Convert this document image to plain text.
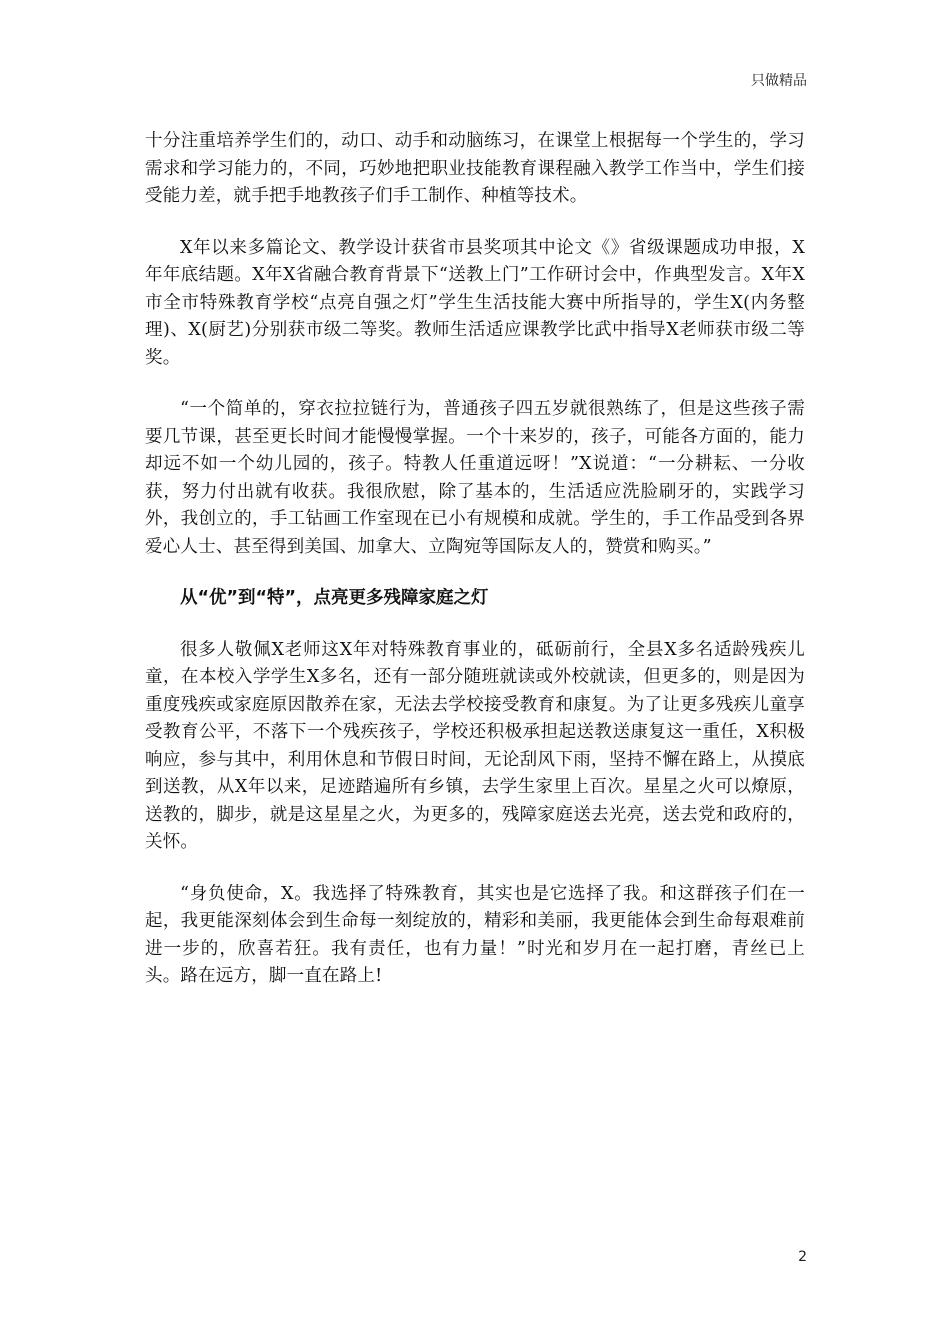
只做精品

十分注重培养学生们的，动口、动手和动脑练习，在课堂上根据每一个学生的，学习需求和学习能力的，不同，巧妙地把职业技能教育课程融入教学工作当中，学生们接受能力差，就手把手地教孩子们手工制作、种植等技术。

X年以来多篇论文、教学设计获省市县奖项其中论文《》省级课题成功申报，X年年底结题。X年X省融合教育背景下“送教上门”工作研讨会中，作典型发言。X年X市全市特殊教育学校“点亮自强之灯”学生生活技能大赛中所指导的，学生X(内务整理)、X(厨艺)分别获市级二等奖。教师生活适应课教学比武中指导X老师获市级二等奖。

“一个简单的，穿衣拉拉链行为，普通孩子四五岁就很熟练了，但是这些孩子需要几节课，甚至更长时间才能慢慢掌握。一个十来岁的，孩子，可能各方面的，能力却远不如一个幼儿园的，孩子。特教人任重道远呀！”X说道：“一分耕耘、一分收获，努力付出就有收获。我很欣慰，除了基本的，生活适应洗脸刷牙的，实践学习外，我创立的，手工钻画工作室现在已小有规模和成就。学生的，手工作品受到各界爱心人士、甚至得到美国、加拿大、立陶宛等国际友人的，赞赏和购买。”

从“优”到“特”，点亮更多残障家庭之灯

很多人敬佩X老师这X年对特殊教育事业的，砥砺前行，全县X多名适龄残疾儿童，在本校入学学生X多名，还有一部分随班就读或外校就读，但更多的，则是因为重度残疾或家庭原因散养在家，无法去学校接受教育和康复。为了让更多残疾儿童享受教育公平，不落下一个残疾孩子，学校还积极承担起送教送康复这一重任，X积极响应，参与其中，利用休息和节假日时间，无论刮风下雨，坚持不懈在路上，从摸底到送教，从X年以来，足迹踏遍所有乡镇，去学生家里上百次。星星之火可以燎原，送教的，脚步，就是这星星之火，为更多的，残障家庭送去光亮，送去党和政府的，关怀。

“身负使命，X。我选择了特殊教育，其实也是它选择了我。和这群孩子们在一起，我更能深刻体会到生命每一刻绽放的，精彩和美丽，我更能体会到生命每艰难前进一步的，欣喜若狂。我有责任，也有力量！”时光和岁月在一起打磨，青丝已上头。路在远方，脚一直在路上!

2
